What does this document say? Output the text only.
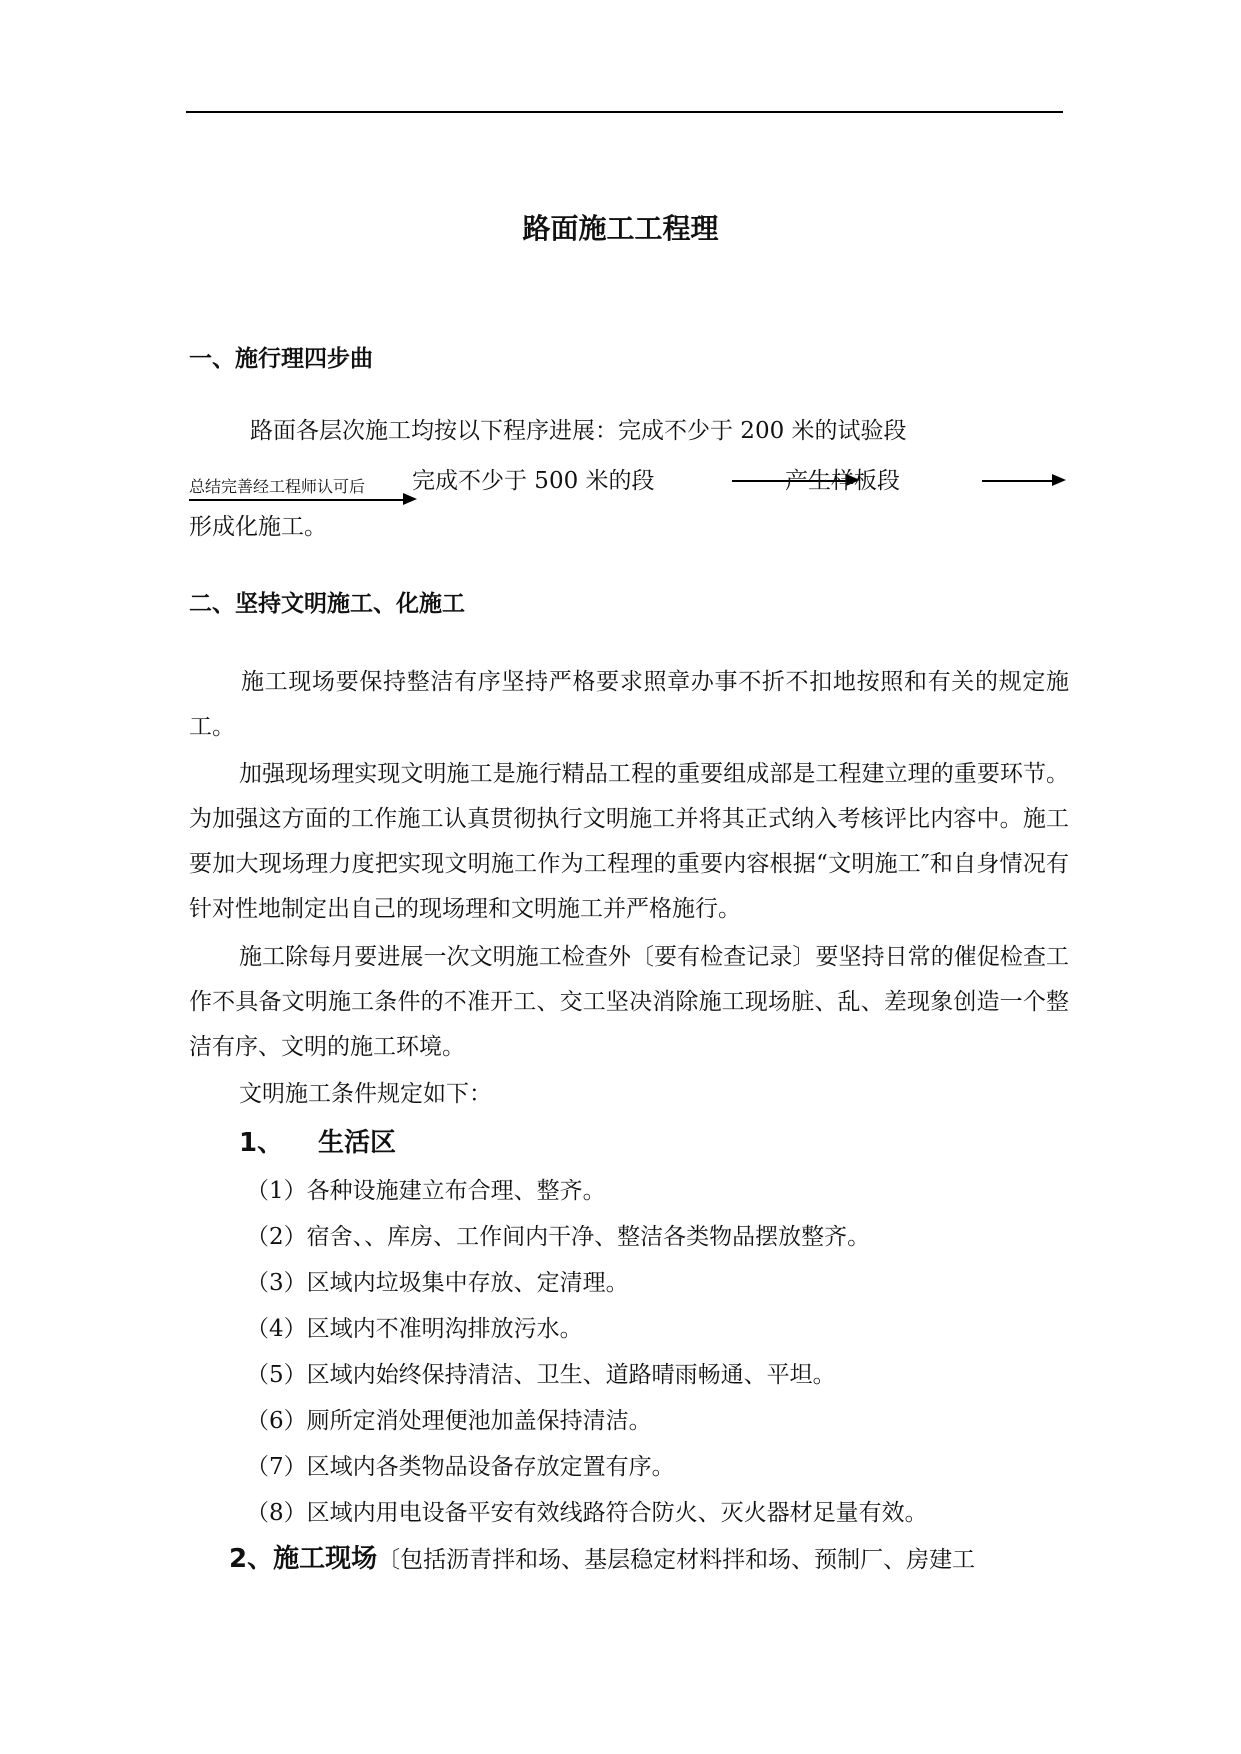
路面施工工程理
一、施行理四步曲
路面各层次施工均按以下程序进展：完成不少于 200 米的试验段
总结完善经工程师认可后 完成不少于 500 米的段	产生样板段
形成化施工。
二、坚持文明施工、化施工
施工现场要保持整洁有序坚持严格要求照章办事不折不扣地按照和有关的规定施工。
加强现场理实现文明施工是施行精品工程的重要组成部是工程建立理的重要环节。为加强这方面的工作施工认真贯彻执行文明施工并将其正式纳入考核评比内容中。施工要加大现场理力度把实现文明施工作为工程理的重要内容根据“文明施工″和自身情况有针对性地制定出自己的现场理和文明施工并严格施行。
施工除每月要进展一次文明施工检查外〔要有检查记录〕要坚持日常的催促检查工作不具备文明施工条件的不准开工、交工坚决消除施工现场脏、乱、差现象创造一个整洁有序、文明的施工环境。
文明施工条件规定如下：
1、 生活区
（1）各种设施建立布合理、整齐。
（2）宿舍、、库房、工作间内干净、整洁各类物品摆放整齐。
（3）区域内垃圾集中存放、定清理。
（4）区域内不准明沟排放污水。
（5）区域内始终保持清洁、卫生、道路晴雨畅通、平坦。
（6）厕所定消处理便池加盖保持清洁。
（7）区域内各类物品设备存放定置有序。
（8）区域内用电设备平安有效线路符合防火、灭火器材足量有效。
2、施工现场〔包括沥青拌和场、基层稳定材料拌和场、预制厂、房建工
